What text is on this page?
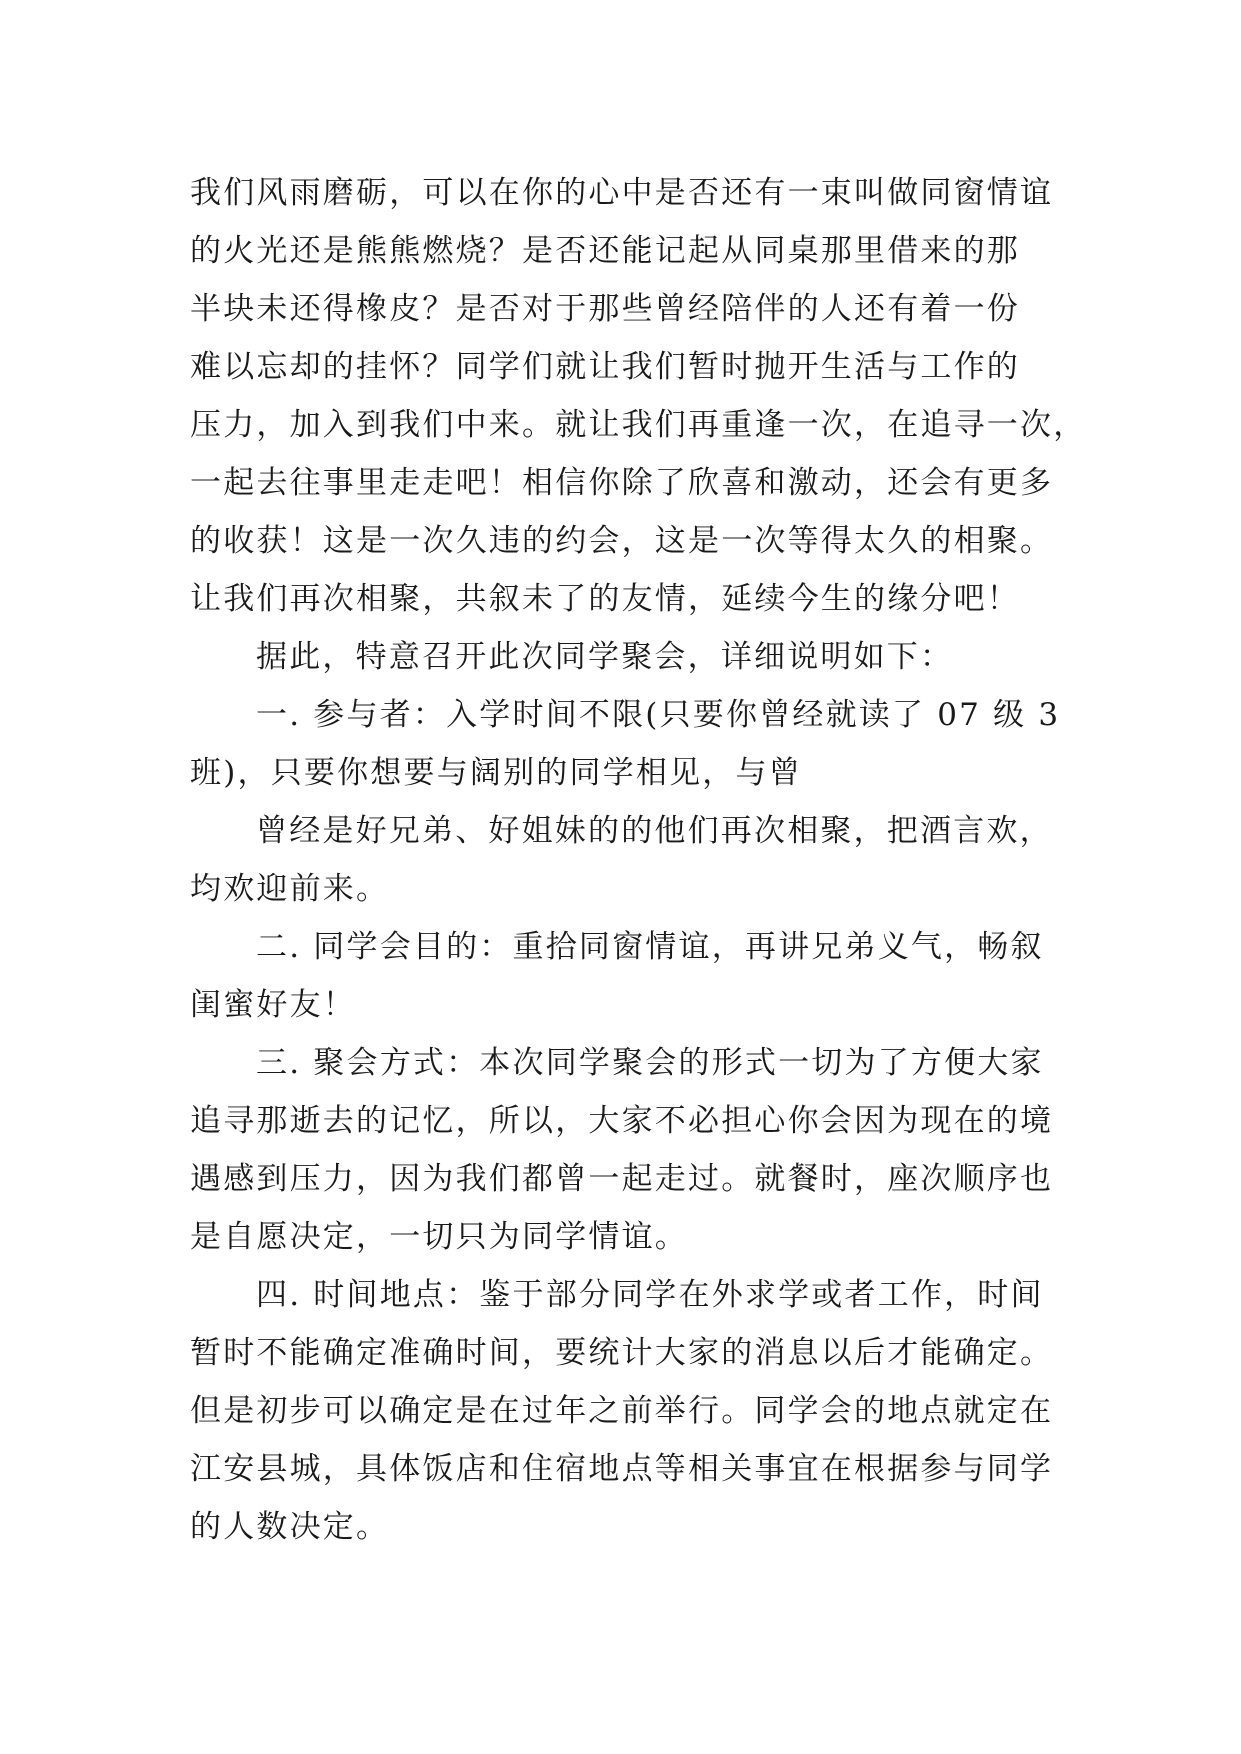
我们风雨磨砺，可以在你的心中是否还有一束叫做同窗情谊
的火光还是熊熊燃烧？是否还能记起从同桌那里借来的那
半块未还得橡皮？是否对于那些曾经陪伴的人还有着一份
难以忘却的挂怀？同学们就让我们暂时抛开生活与工作的
压力，加入到我们中来。就让我们再重逢一次，在追寻一次，
一起去往事里走走吧！相信你除了欣喜和激动，还会有更多
的收获！这是一次久违的约会，这是一次等得太久的相聚。
让我们再次相聚，共叙未了的友情，延续今生的缘分吧！
据此，特意召开此次同学聚会，详细说明如下：
一. 参与者：入学时间不限(只要你曾经就读了 07 级 3
班)，只要你想要与阔别的同学相见，与曾
曾经是好兄弟、好姐妹的的他们再次相聚，把酒言欢，
均欢迎前来。
二. 同学会目的：重拾同窗情谊，再讲兄弟义气，畅叙
闺蜜好友！
三. 聚会方式：本次同学聚会的形式一切为了方便大家
追寻那逝去的记忆，所以，大家不必担心你会因为现在的境
遇感到压力，因为我们都曾一起走过。就餐时，座次顺序也
是自愿决定，一切只为同学情谊。
四. 时间地点：鉴于部分同学在外求学或者工作，时间
暂时不能确定准确时间，要统计大家的消息以后才能确定。
但是初步可以确定是在过年之前举行。同学会的地点就定在
江安县城，具体饭店和住宿地点等相关事宜在根据参与同学
的人数决定。
